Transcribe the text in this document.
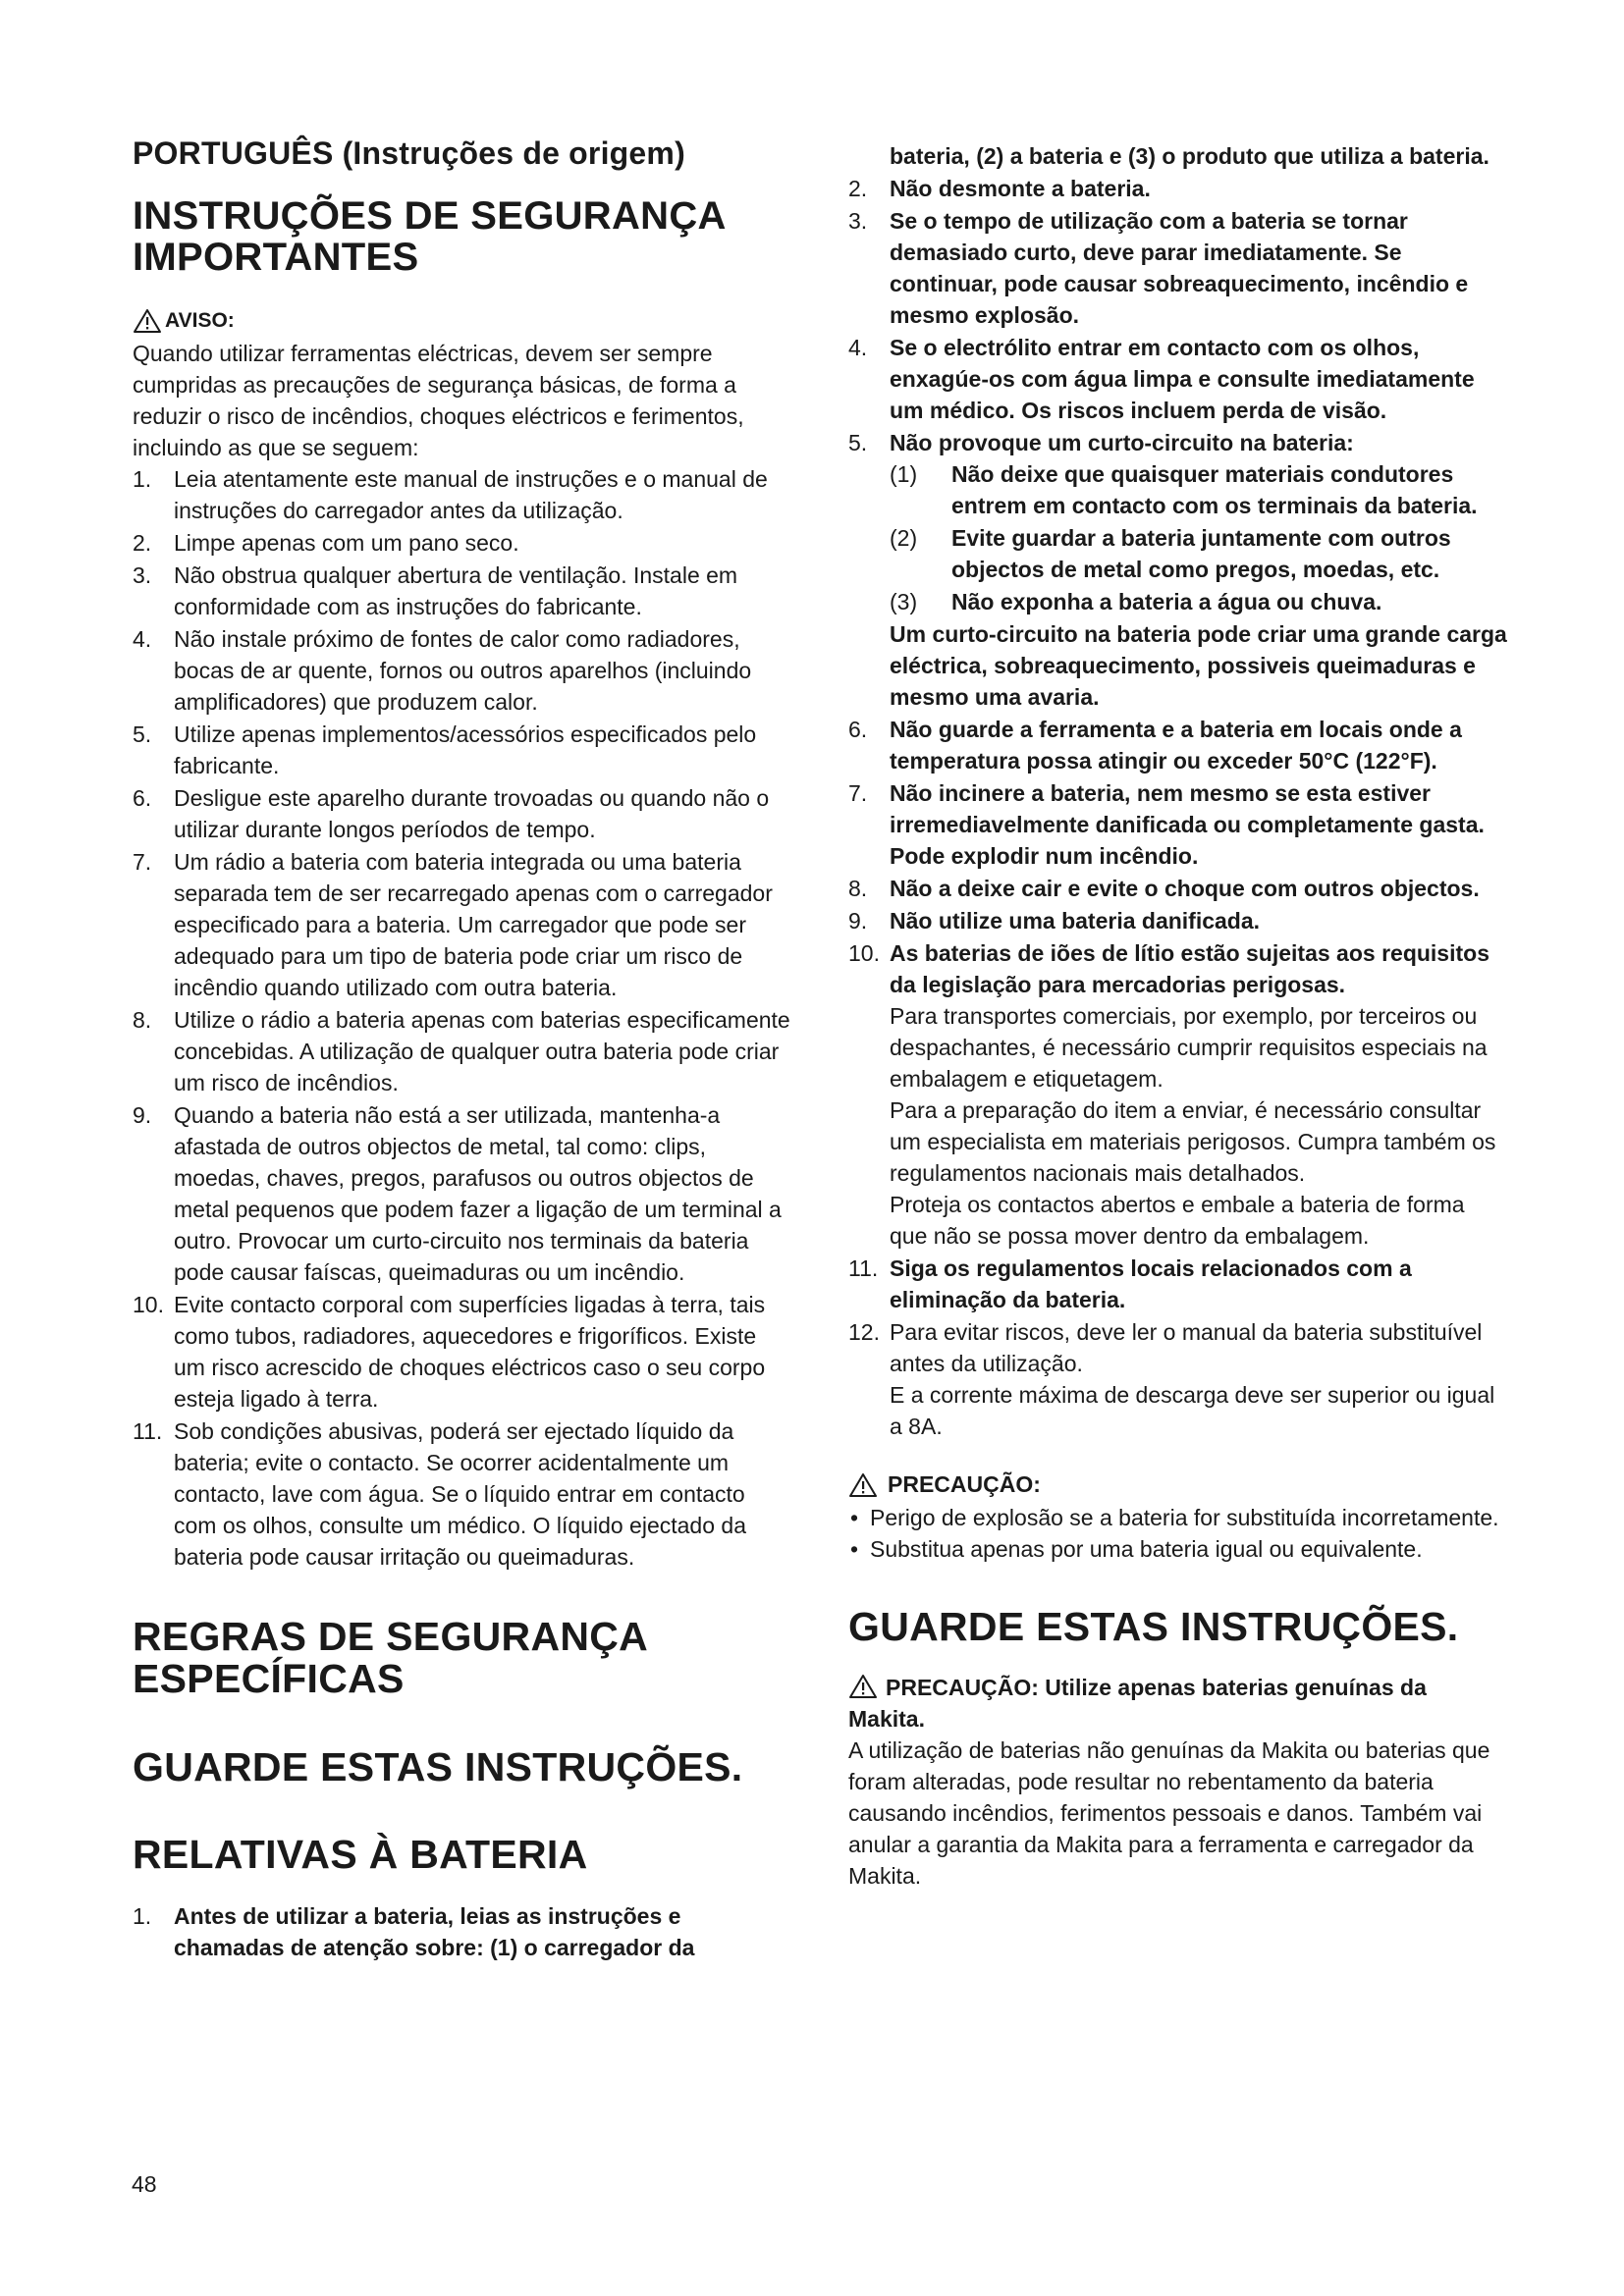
PORTUGUÊS (Instruções de origem)
INSTRUÇÕES DE SEGURANÇA IMPORTANTES
AVISO:

Quando utilizar ferramentas eléctricas, devem ser sempre cumpridas as precauções de segurança básicas, de forma a reduzir o risco de incêndios, choques eléctricos e ferimentos, incluindo as que se seguem:

1. Leia atentamente este manual de instruções e o manual de instruções do carregador antes da utilização.
2. Limpe apenas com um pano seco.
3. Não obstrua qualquer abertura de ventilação. Instale em conformidade com as instruções do fabricante.
4. Não instale próximo de fontes de calor como radiadores, bocas de ar quente, fornos ou outros aparelhos (incluindo amplificadores) que produzem calor.
5. Utilize apenas implementos/acessórios especificados pelo fabricante.
6. Desligue este aparelho durante trovoadas ou quando não o utilizar durante longos períodos de tempo.
7. Um rádio a bateria com bateria integrada ou uma bateria separada tem de ser recarregado apenas com o carregador especificado para a bateria. Um carregador que pode ser adequado para um tipo de bateria pode criar um risco de incêndio quando utilizado com outra bateria.
8. Utilize o rádio a bateria apenas com baterias especificamente concebidas. A utilização de qualquer outra bateria pode criar um risco de incêndios.
9. Quando a bateria não está a ser utilizada, mantenha-a afastada de outros objectos de metal, tal como: clips, moedas, chaves, pregos, parafusos ou outros objectos de metal pequenos que podem fazer a ligação de um terminal a outro. Provocar um curto-circuito nos terminais da bateria pode causar faíscas, queimaduras ou um incêndio.
10. Evite contacto corporal com superfícies ligadas à terra, tais como tubos, radiadores, aquecedores e frigoríficos. Existe um risco acrescido de choques eléctricos caso o seu corpo esteja ligado à terra.
11. Sob condições abusivas, poderá ser ejectado líquido da bateria; evite o contacto. Se ocorrer acidentalmente um contacto, lave com água. Se o líquido entrar em contacto com os olhos, consulte um médico. O líquido ejectado da bateria pode causar irritação ou queimaduras.
REGRAS DE SEGURANÇA ESPECÍFICAS
GUARDE ESTAS INSTRUÇÕES.
RELATIVAS À BATERIA
1. Antes de utilizar a bateria, leias as instruções e chamadas de atenção sobre: (1) o carregador da
48
bateria, (2) a bateria e (3) o produto que utiliza a bateria.
2. Não desmonte a bateria.
3. Se o tempo de utilização com a bateria se tornar demasiado curto, deve parar imediatamente. Se continuar, pode causar sobreaquecimento, incêndio e mesmo explosão.
4. Se o electrólito entrar em contacto com os olhos, enxagúe-os com água limpa e consulte imediatamente um médico. Os riscos incluem perda de visão.
5. Não provoque um curto-circuito na bateria:
(1) Não deixe que quaisquer materiais condutores entrem em contacto com os terminais da bateria.
(2) Evite guardar a bateria juntamente com outros objectos de metal como pregos, moedas, etc.
(3) Não exponha a bateria a água ou chuva.
Um curto-circuito na bateria pode criar uma grande carga eléctrica, sobreaquecimento, possiveis queimaduras e mesmo uma avaria.
6. Não guarde a ferramenta e a bateria em locais onde a temperatura possa atingir ou exceder 50°C (122°F).
7. Não incinere a bateria, nem mesmo se esta estiver irremediavelmente danificada ou completamente gasta. Pode explodir num incêndio.
8. Não a deixe cair e evite o choque com outros objectos.
9. Não utilize uma bateria danificada.
10. As baterias de iões de lítio estão sujeitas aos requisitos da legislação para mercadorias perigosas.
Para transportes comerciais, por exemplo, por terceiros ou despachantes, é necessário cumprir requisitos especiais na embalagem e etiquetagem.
Para a preparação do item a enviar, é necessário consultar um especialista em materiais perigosos. Cumpra também os regulamentos nacionais mais detalhados.
Proteja os contactos abertos e embale a bateria de forma que não se possa mover dentro da embalagem.
11. Siga os regulamentos locais relacionados com a eliminação da bateria.
12. Para evitar riscos, deve ler o manual da bateria substituível antes da utilização.
E a corrente máxima de descarga deve ser superior ou igual a 8A.
PRECAUÇÃO:
• Perigo de explosão se a bateria for substituída incorretamente.
• Substitua apenas por uma bateria igual ou equivalente.
GUARDE ESTAS INSTRUÇÕES.
PRECAUÇÃO: Utilize apenas baterias genuínas da Makita.

A utilização de baterias não genuínas da Makita ou baterias que foram alteradas, pode resultar no rebentamento da bateria causando incêndios, ferimentos pessoais e danos. Também vai anular a garantia da Makita para a ferramenta e carregador da Makita.
